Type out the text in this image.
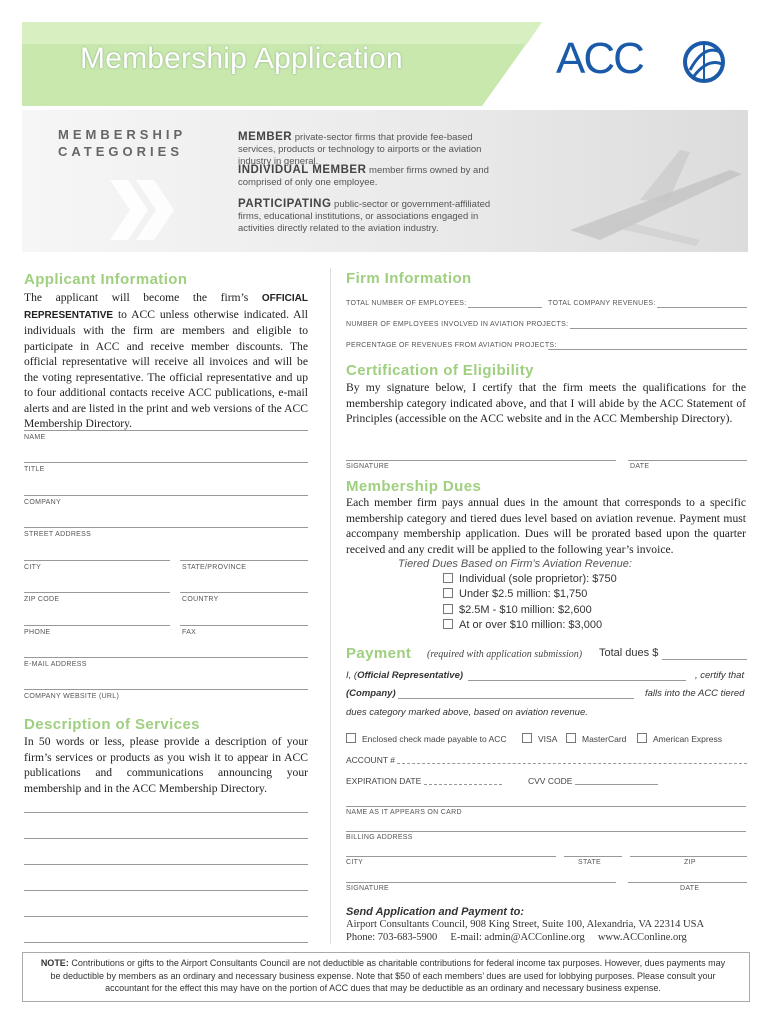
Membership Application	ACC
MEMBERSHIP
CATEGORIES
MEMBER private-sector firms that provide fee-based services, products or technology to airports or the aviation industry in general.
INDIVIDUAL MEMBER member firms owned by and comprised of only one employee.
PARTICIPATING public-sector or government-affiliated firms, educational institutions, or associations engaged in activities directly related to the aviation industry.
Applicant Information
The applicant will become the firm’s OFFICIAL REPRESENTATIVE to ACC unless otherwise indicated. All individuals with the firm are members and eligible to participate in ACC and receive member discounts. The official representative will receive all invoices and will be the voting representative. The official representative and up to four additional contacts receive ACC publications, e-mail alerts and are listed in the print and web versions of the ACC Membership Directory.
NAME
TITLE
COMPANY
STREET ADDRESS
CITY	STATE/PROVINCE
ZIP CODE	COUNTRY
PHONE	FAX
E-MAIL ADDRESS
COMPANY WEBSITE (URL)
Description of Services
In 50 words or less, please provide a description of your firm’s services or products as you wish it to appear in ACC publications and communications announcing your membership and in the ACC Membership Directory.
Firm Information
TOTAL NUMBER OF EMPLOYEES:	TOTAL COMPANY REVENUES:
NUMBER OF EMPLOYEES INVOLVED IN AVIATION PROJECTS:
PERCENTAGE OF REVENUES FROM AVIATION PROJECTS:
Certification of Eligibility
By my signature below, I certify that the firm meets the qualifications for the membership category indicated above, and that I will abide by the ACC Statement of Principles (accessible on the ACC website and in the ACC Membership Directory).
SIGNATURE	DATE
Membership Dues
Each member firm pays annual dues in the amount that corresponds to a specific membership category and tiered dues level based on aviation revenue. Payment must accompany membership application. Dues will be prorated based upon the quarter received and any credit will be applied to the following year’s invoice.
Tiered Dues Based on Firm’s Aviation Revenue:
Individual (sole proprietor): $750
Under $2.5 million: $1,750
$2.5M - $10 million: $2,600
At or over $10 million: $3,000
Payment (required with application submission) Total dues $
I, (Official Representative)	, certify that
(Company)	falls into the ACC tiered
dues category marked above, based on aviation revenue.
Enclosed check made payable to ACC	VISA	MasterCard	American Express
ACCOUNT #
EXPIRATION DATE	CVV CODE
NAME AS IT APPEARS ON CARD
BILLING ADDRESS
CITY	STATE	ZIP
SIGNATURE	DATE
Send Application and Payment to:
Airport Consultants Council, 908 King Street, Suite 100, Alexandria, VA 22314 USA
Phone: 703-683-5900 E-mail: admin@ACConline.org www.ACConline.org
NOTE: Contributions or gifts to the Airport Consultants Council are not deductible as charitable contributions for federal income tax purposes. However, dues payments may be deductible by members as an ordinary and necessary business expense. Note that $50 of each members’ dues are used for lobbying purposes. Please consult your accountant for the effect this may have on the portion of ACC dues that may be deductible as an ordinary and necessary business expense.
